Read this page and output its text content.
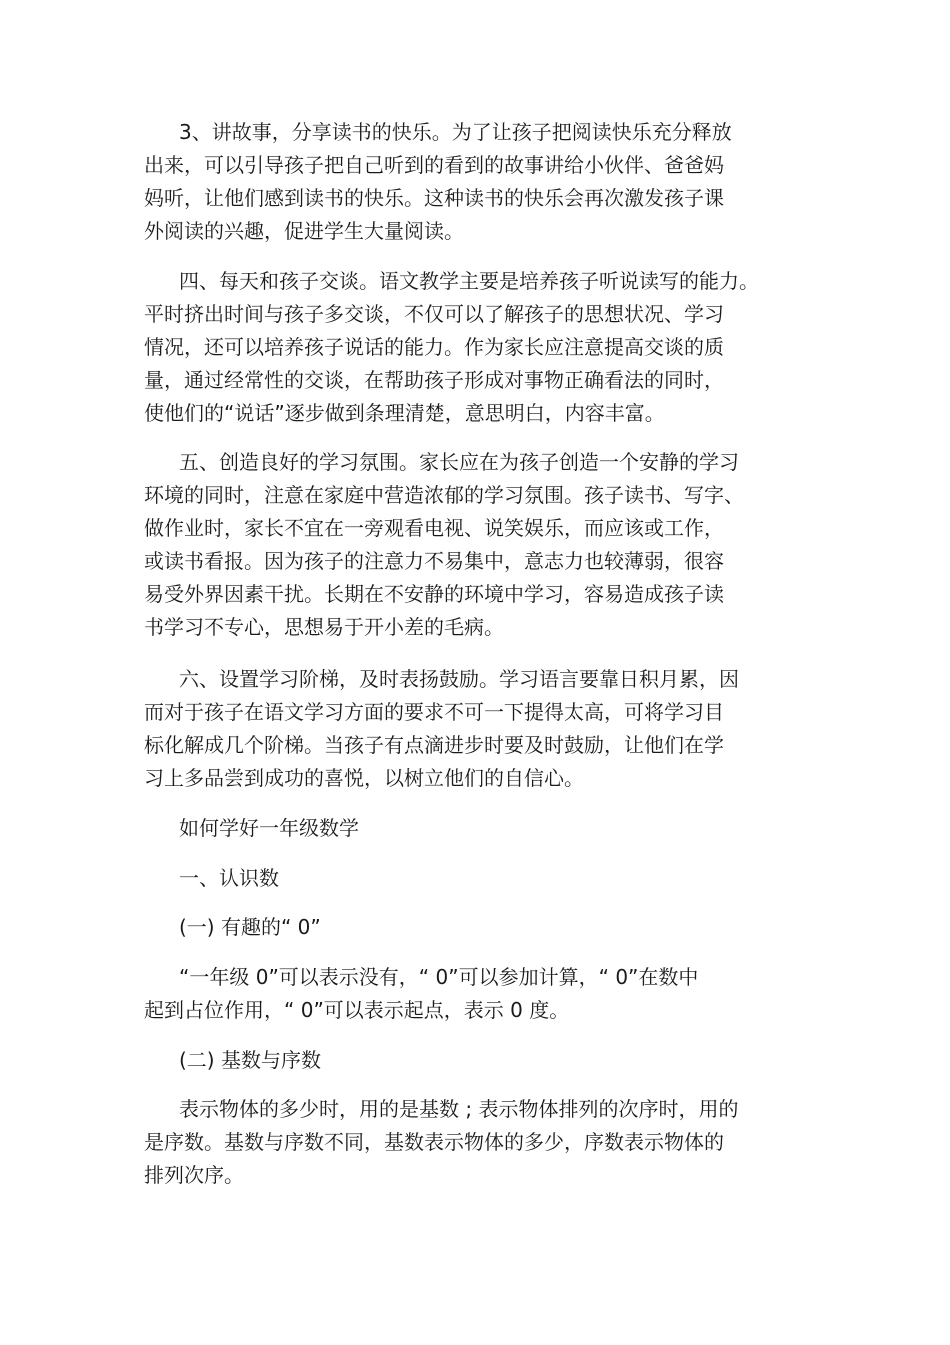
3、讲故事，分享读书的快乐。为了让孩子把阅读快乐充分释放
出来，可以引导孩子把自己听到的看到的故事讲给小伙伴、爸爸妈
妈听，让他们感到读书的快乐。这种读书的快乐会再次激发孩子课
外阅读的兴趣，促进学生大量阅读。
四、每天和孩子交谈。语文教学主要是培养孩子听说读写的能力。
平时挤出时间与孩子多交谈，不仅可以了解孩子的思想状况、学习
情况，还可以培养孩子说话的能力。作为家长应注意提高交谈的质
量，通过经常性的交谈，在帮助孩子形成对事物正确看法的同时，
使他们的“说话”逐步做到条理清楚，意思明白，内容丰富。
五、创造良好的学习氛围。家长应在为孩子创造一个安静的学习
环境的同时，注意在家庭中营造浓郁的学习氛围。孩子读书、写字、
做作业时，家长不宜在一旁观看电视、说笑娱乐，而应该或工作，
或读书看报。因为孩子的注意力不易集中，意志力也较薄弱，很容
易受外界因素干扰。长期在不安静的环境中学习，容易造成孩子读
书学习不专心，思想易于开小差的毛病。
六、设置学习阶梯，及时表扬鼓励。学习语言要靠日积月累，因
而对于孩子在语文学习方面的要求不可一下提得太高，可将学习目
标化解成几个阶梯。当孩子有点滴进步时要及时鼓励，让他们在学
习上多品尝到成功的喜悦，以树立他们的自信心。
如何学好一年级数学
一、认识数
(一) 有趣的“ 0”
“一年级 0”可以表示没有，“ 0”可以参加计算，“ 0”在数中
起到占位作用，“ 0”可以表示起点，表示 0 度。
(二) 基数与序数
表示物体的多少时，用的是基数 ; 表示物体排列的次序时，用的
是序数。基数与序数不同，基数表示物体的多少，序数表示物体的
排列次序。
